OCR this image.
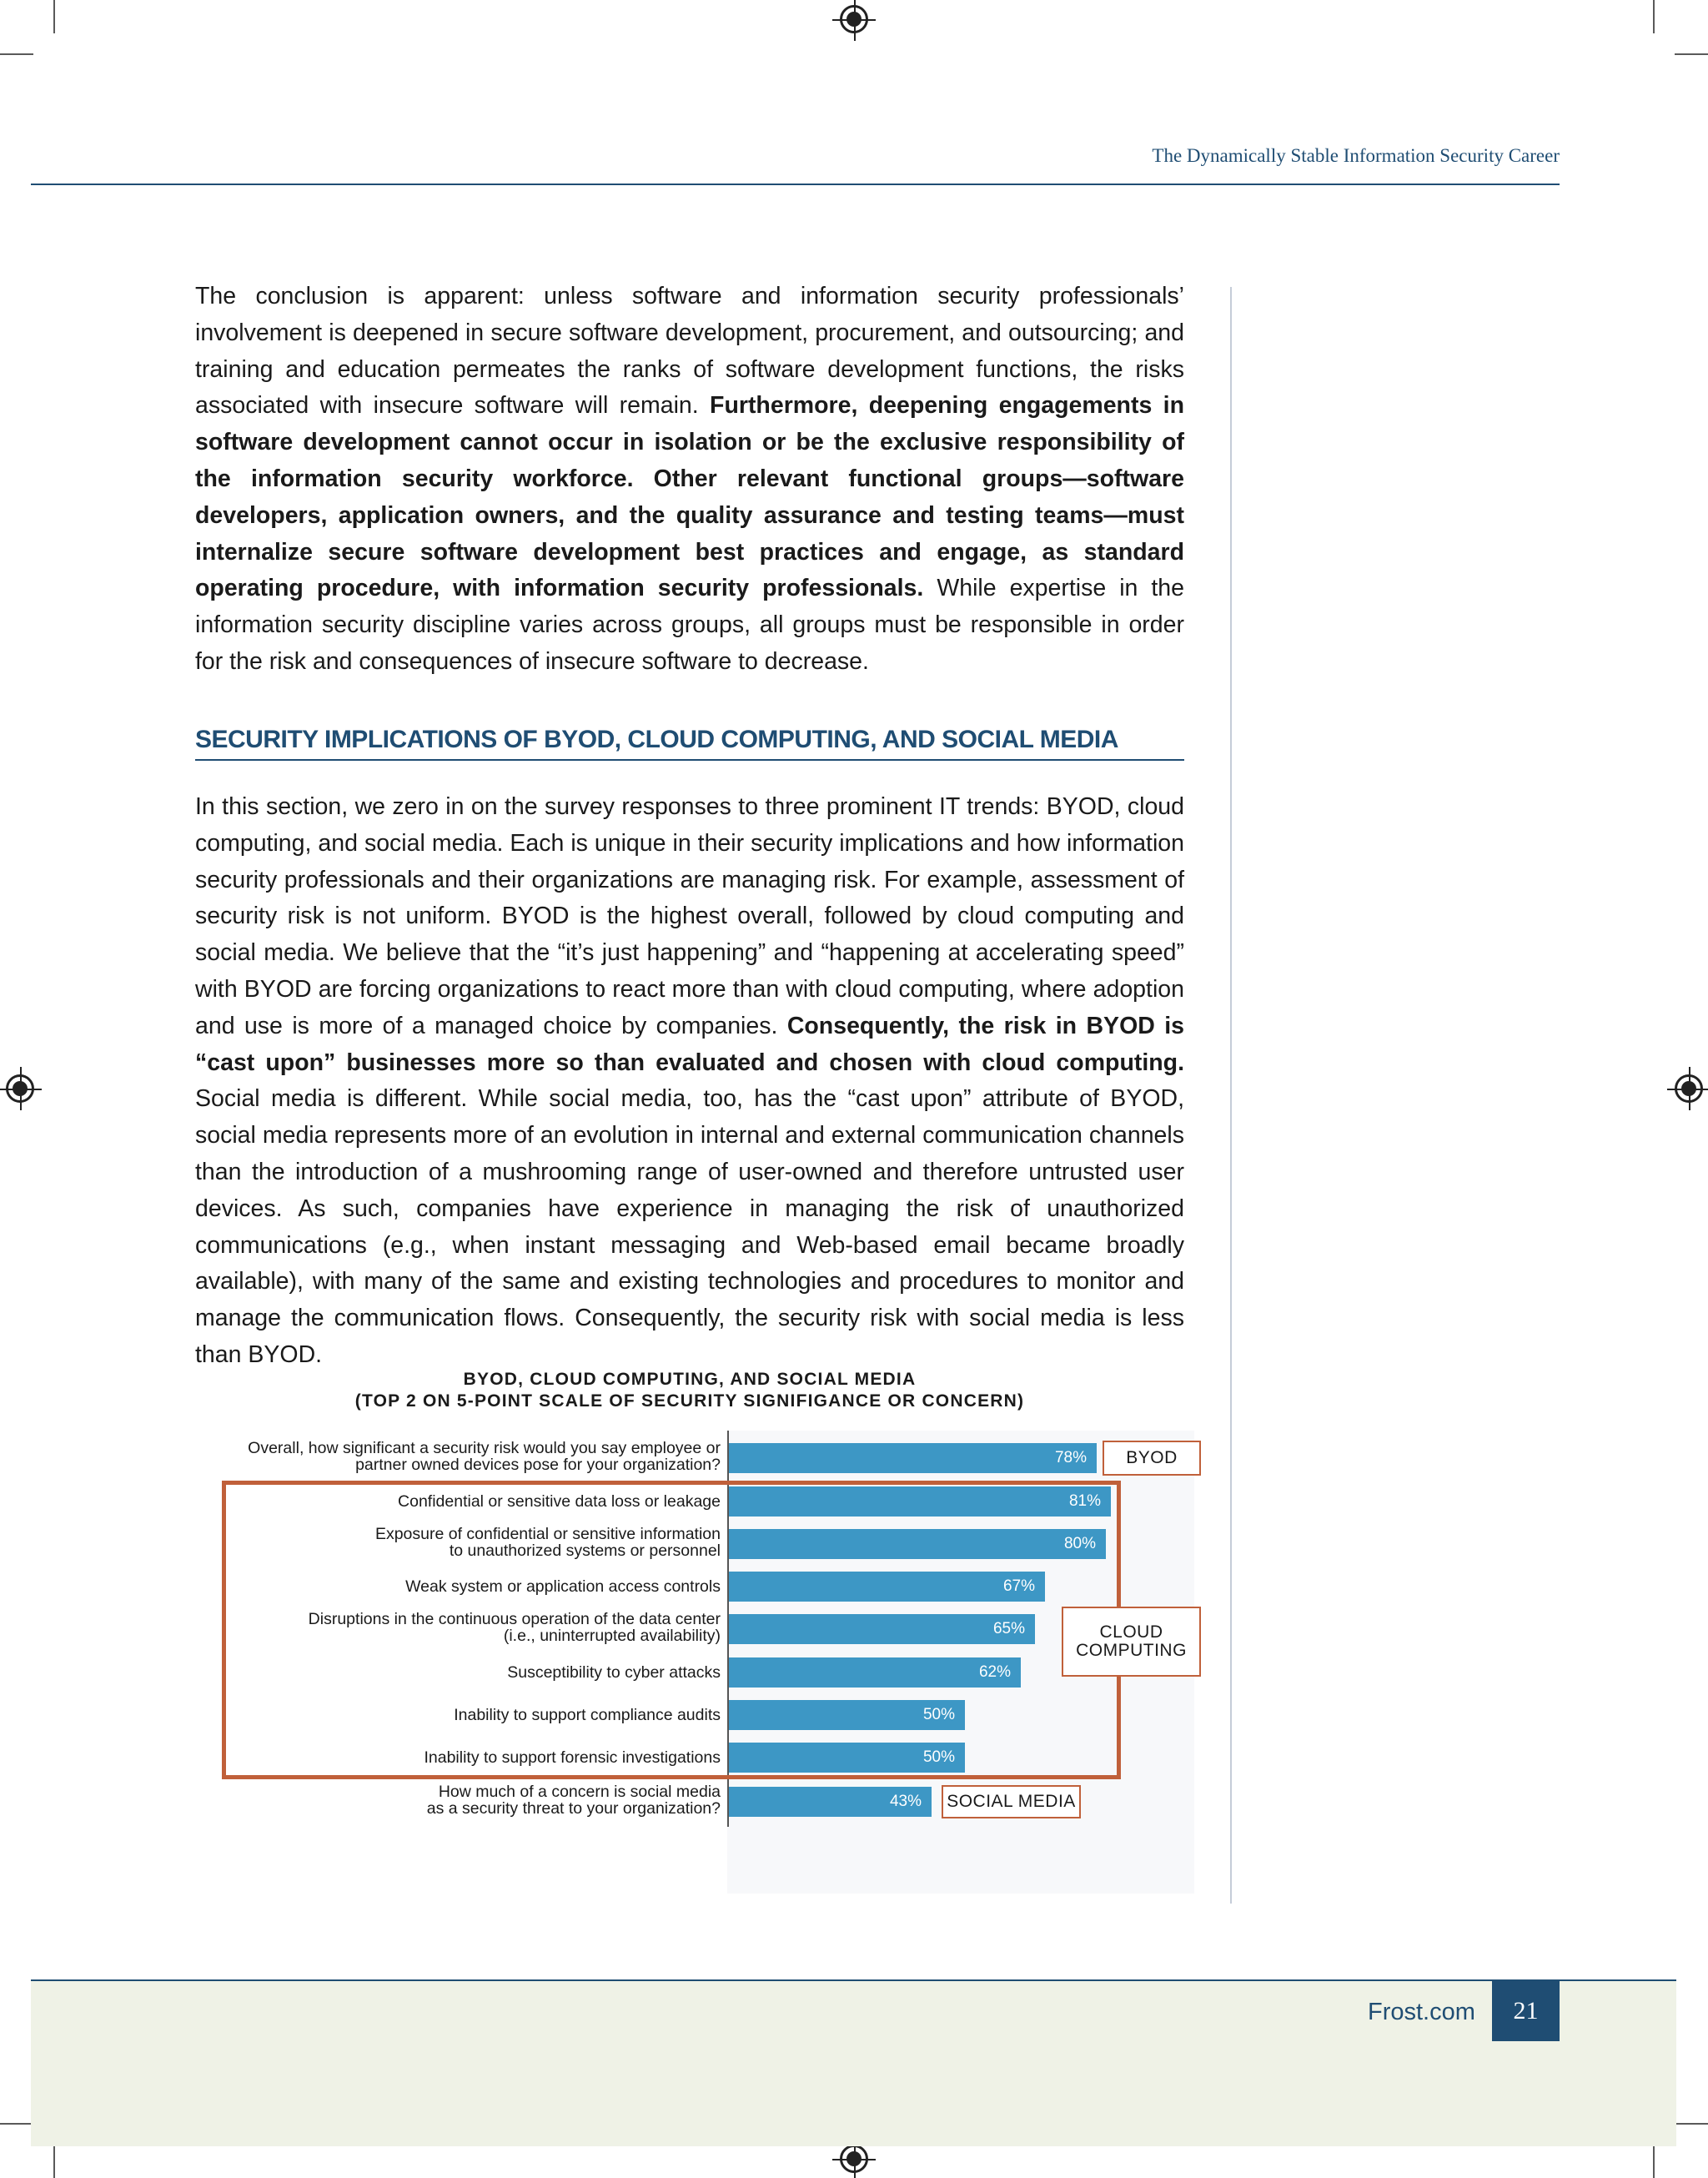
The Dynamically Stable Information Security Career

The conclusion is apparent: unless software and information security professionals’ involvement is deepened in secure software development, procurement, and outsourcing; and training and education permeates the ranks of software development functions, the risks associated with insecure software will remain. Furthermore, deepening engagements in software development cannot occur in isolation or be the exclusive responsibility of the information security workforce. Other relevant functional groups—software developers, application owners, and the quality assurance and testing teams—must internalize secure software development best practices and engage, as standard operating procedure, with information security professionals. While expertise in the information security discipline varies across groups, all groups must be responsible in order for the risk and consequences of insecure software to decrease.

SECURITY IMPLICATIONS OF BYOD, CLOUD COMPUTING, AND SOCIAL MEDIA

In this section, we zero in on the survey responses to three prominent IT trends: BYOD, cloud computing, and social media. Each is unique in their security implications and how information security professionals and their organizations are managing risk. For example, assessment of security risk is not uniform. BYOD is the highest overall, followed by cloud computing and social media. We believe that the “it’s just happening” and “happening at accelerating speed” with BYOD are forcing organizations to react more than with cloud computing, where adoption and use is more of a managed choice by companies. Consequently, the risk in BYOD is “cast upon” businesses more so than evaluated and chosen with cloud computing. Social media is different. While social media, too, has the “cast upon” attribute of BYOD, social media represents more of an evolution in internal and external communication channels than the introduction of a mushrooming range of user-owned and therefore untrusted user devices. As such, companies have experience in managing the risk of unauthorized communications (e.g., when instant messaging and Web-based email became broadly available), with many of the same and existing technologies and procedures to monitor and manage the communication flows. Consequently, the security risk with social media is less than BYOD.

BYOD, CLOUD COMPUTING, AND SOCIAL MEDIA
(TOP 2 ON 5-POINT SCALE OF SECURITY SIGNIFIGANCE OR CONCERN)
Overall, how significant a security risk would you say employee or
partner owned devices pose for your organization?	78%
Confidential or sensitive data loss or leakage	81%
Exposure of confidential or sensitive information
to unauthorized systems or personnel	80%
Weak system or application access controls	67%
Disruptions in the continuous operation of the data center
(i.e., uninterrupted availability)	65%
Susceptibility to cyber attacks	62%
Inability to support compliance audits	50%
Inability to support forensic investigations	50%
How much of a concern is social media
as a security threat to your organization?	43%
BYOD
CLOUD
COMPUTING
SOCIAL MEDIA
Frost.com	21
